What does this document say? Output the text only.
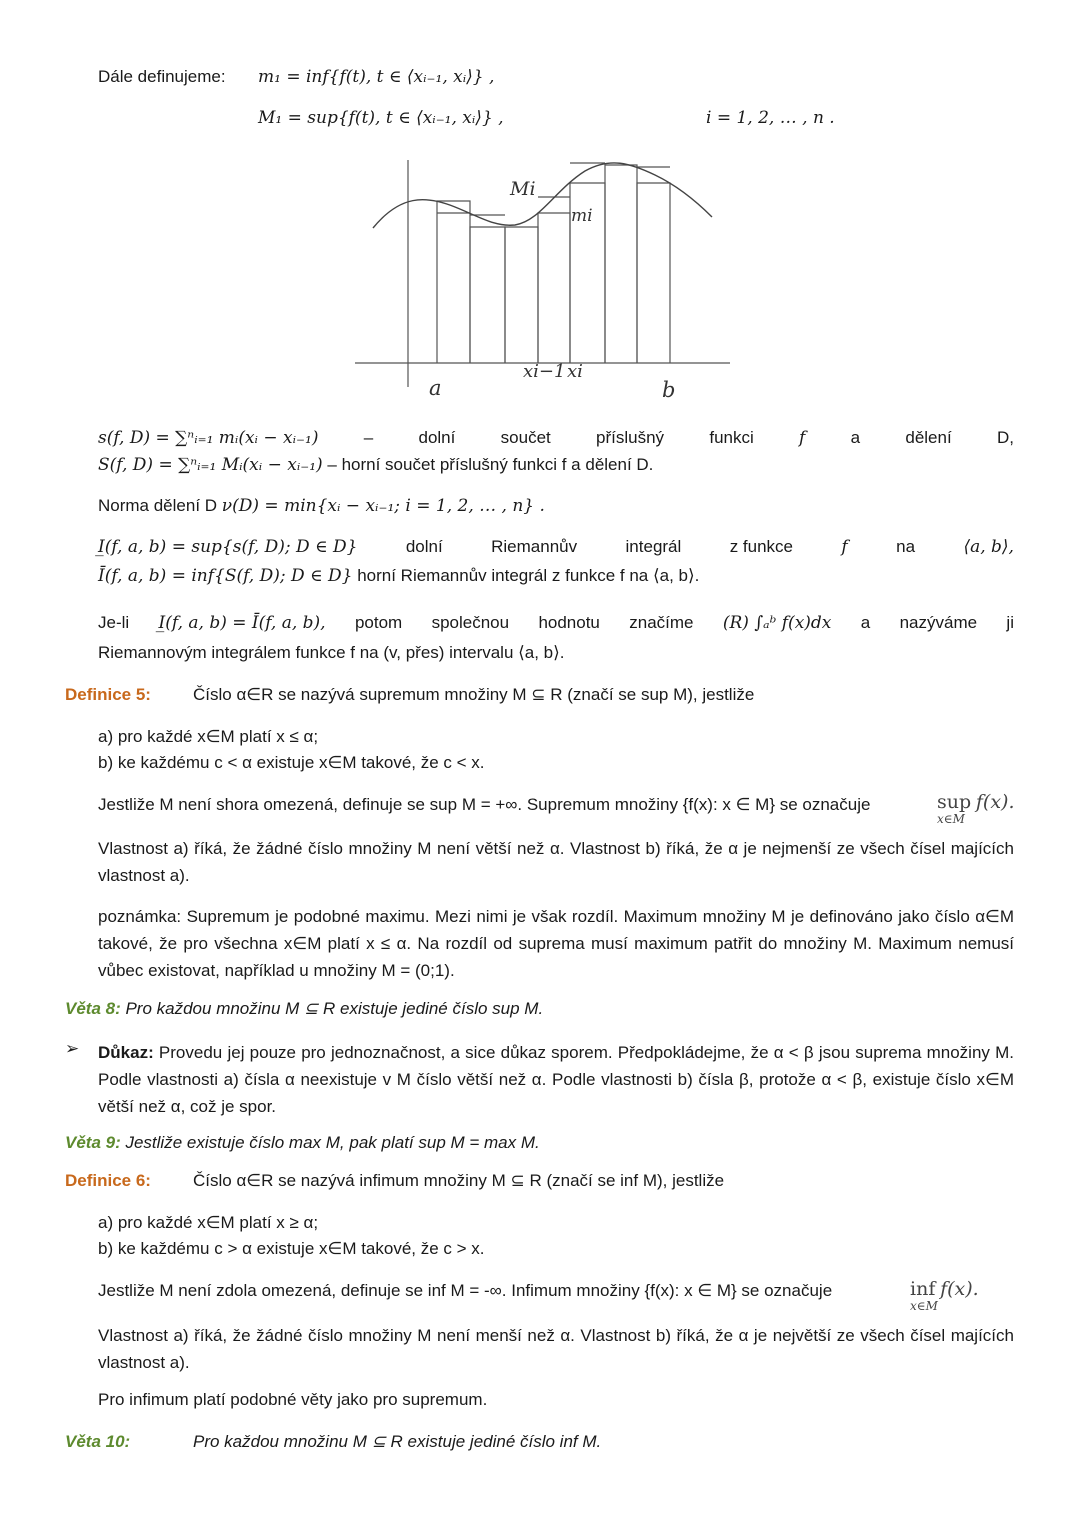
Dále definujeme: m₁ = inf{f(t), t ∈ ⟨xᵢ₋₁, xᵢ⟩} ,
M₁ = sup{f(t), t ∈ ⟨xᵢ₋₁, xᵢ⟩} ,	i = 1, 2, … , n .
Mi
mi
a	b
xi−1 xi
s(f, D) = ∑ⁿᵢ₌₁ mᵢ(xᵢ − xᵢ₋₁)	–	dolní	součet	příslušný	funkci	f	a	dělení	D,
S(f, D) = ∑ⁿᵢ₌₁ Mᵢ(xᵢ − xᵢ₋₁) – horní součet příslušný funkci f a dělení D.
Norma dělení D ν(D) = min{xᵢ − xᵢ₋₁; i = 1, 2, … , n} .
I̲(f, a, b) = sup{s(f, D); D ∈ D}	dolní	Riemannův	integrál	z funkce	f	na	⟨a, b⟩,
Ī(f, a, b) = inf{S(f, D); D ∈ D} horní Riemannův integrál z funkce f na ⟨a, b⟩.
Je-li I̲(f, a, b) = Ī(f, a, b), potom společnou hodnotu značíme (R) ∫ₐᵇ f(x)dx a nazýváme ji
Riemannovým integrálem funkce f na (v, přes) intervalu ⟨a, b⟩.
Definice 5: Číslo α∈R se nazývá supremum množiny M ⊆ R (značí se sup M), jestliže
a) pro každé x∈M platí x ≤ α;
b) ke každému c < α existuje x∈M takové, že c < x.
Jestliže M není shora omezená, definuje se sup M = +∞. Supremum množiny {f(x): x ∈ M} se označuje	sup f(x).
x∈M
Vlastnost a) říká, že žádné číslo množiny M není větší než α. Vlastnost b) říká, že α je nejmenší ze všech čísel majících vlastnost a).
poznámka: Supremum je podobné maximu. Mezi nimi je však rozdíl. Maximum množiny M je definováno jako číslo α∈M takové, že pro všechna x∈M platí x ≤ α. Na rozdíl od suprema musí maximum patřit do množiny M. Maximum nemusí vůbec existovat, například u množiny M = (0;1).
Věta 8: Pro každou množinu M ⊆ R existuje jediné číslo sup M.
➢ Důkaz: Provedu jej pouze pro jednoznačnost, a sice důkaz sporem. Předpokládejme, že α < β jsou suprema množiny M. Podle vlastnosti a) čísla α neexistuje v M číslo větší než α. Podle vlastnosti b) čísla β, protože α < β, existuje číslo x∈M větší než α, což je spor.
Věta 9: Jestliže existuje číslo max M, pak platí sup M = max M.
Definice 6: Číslo α∈R se nazývá infimum množiny M ⊆ R (značí se inf M), jestliže
a) pro každé x∈M platí x ≥ α;
b) ke každému c > α existuje x∈M takové, že c > x.
Jestliže M není zdola omezená, definuje se inf M = -∞. Infimum množiny {f(x): x ∈ M} se označuje	inf f(x).
x∈M
Vlastnost a) říká, že žádné číslo množiny M není menší než α. Vlastnost b) říká, že α je největší ze všech čísel majících vlastnost a).
Pro infimum platí podobné věty jako pro supremum.
Věta 10:	Pro každou množinu M ⊆ R existuje jediné číslo inf M.
